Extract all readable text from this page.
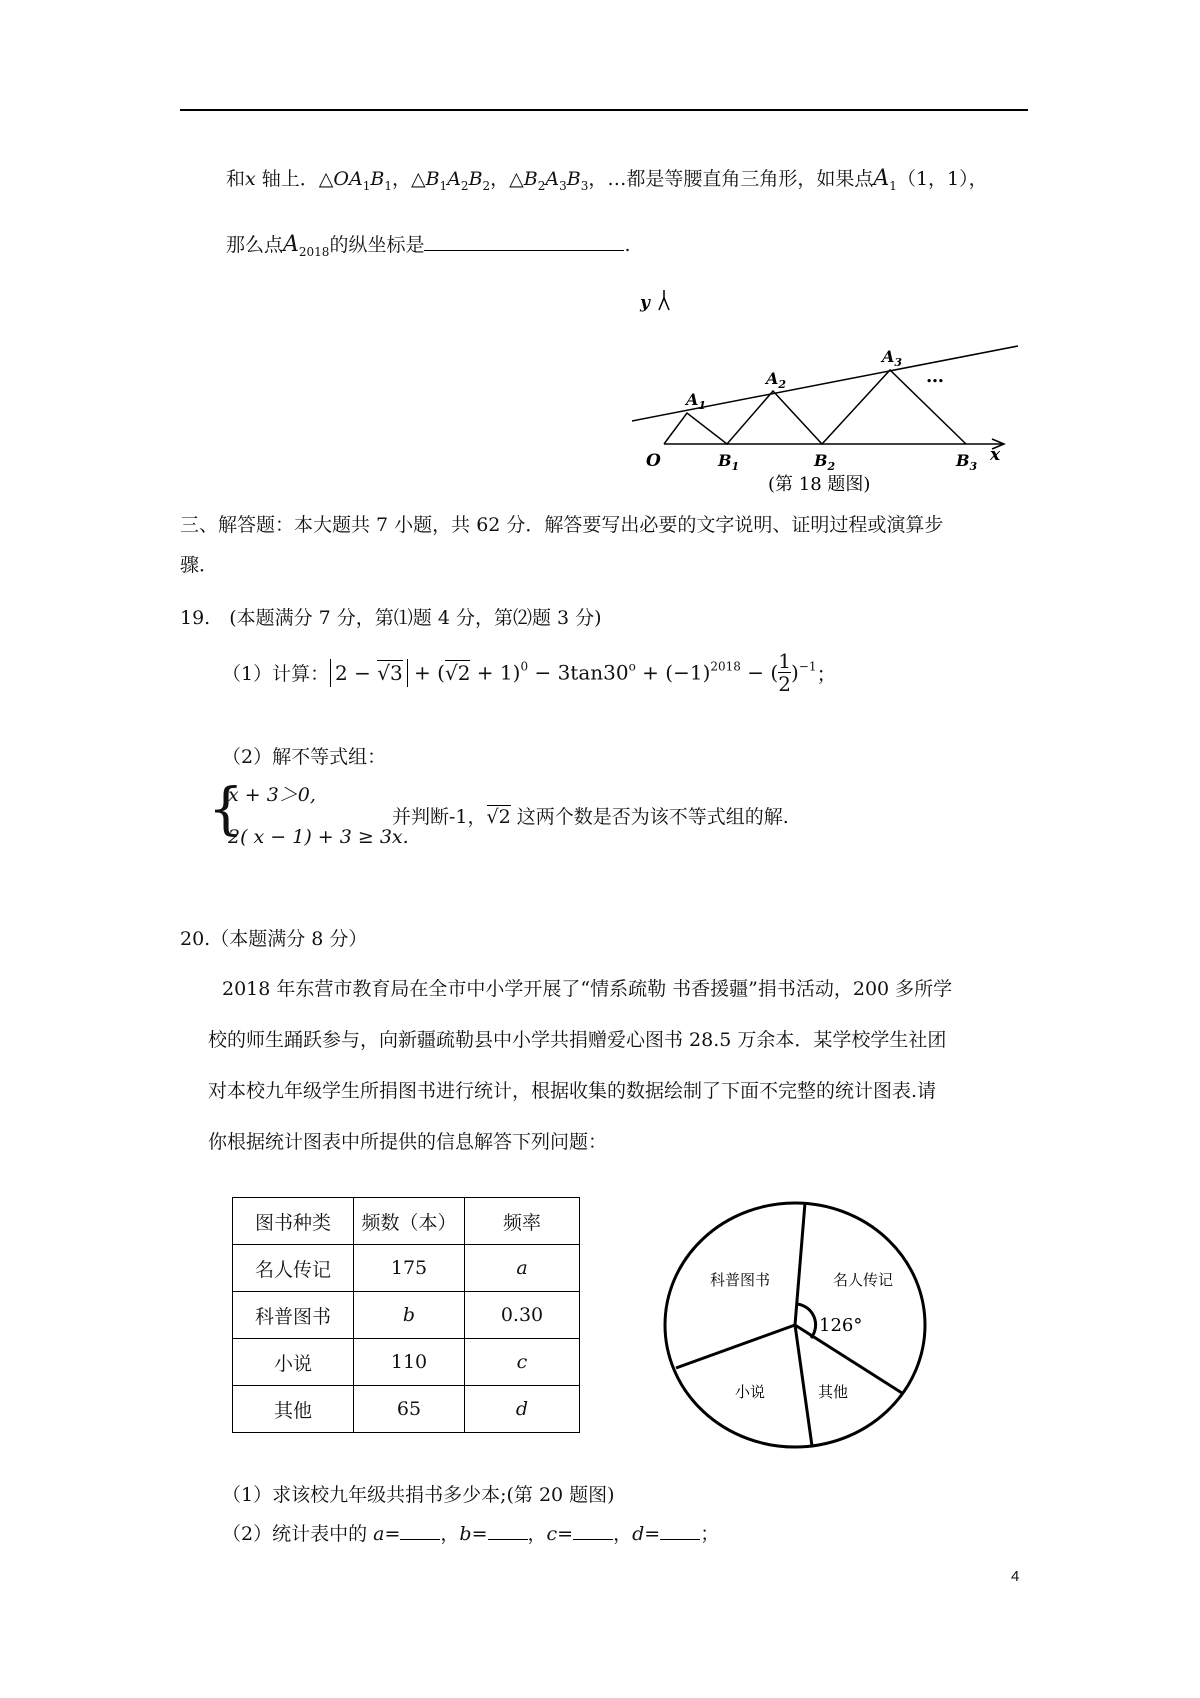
和x 轴上．$\triangle OA_1B_1$，$\triangle B_1A_2B_2$，$\triangle B_2A_3B_3$，…都是等腰直角三角形，如果点$A_1(1$，1），
那么点$A_{2018}$的纵坐标是	.
y
x
O
$A_1$
$A_2$
$A_3$
$B_1$	$B_2$	$B_3$
…
(第 18 题图)
三、解答题：本大题共 7 小题，共 62 分．解答要写出必要的文字说明、证明过程或演算步
骤．
19.　(本题满分 7 分，第⑴题 4 分，第⑵题 3 分)
（1）计算： $2 - √3 + (√2 + 1)^0 - 3\tan 30^o + (-1)^{2018}$ − ( $\frac{1}{2} )^{-1}$；
（2）解不等式组：
{
x + 3＞0,
2( x − 1) + 3 ≥ 3x.
并判断-1，√2 这两个数是否为该不等式组的解.
20.（本题满分 8 分）
2018 年东营市教育局在全市中小学开展了“情系疏勒 书香援疆”捐书活动，200 多所学
校的师生踊跃参与，向新疆疏勒县中小学共捐赠爱心图书 28.5 万余本．某学校学生社团
对本校九年级学生所捐图书进行统计，根据收集的数据绘制了下面不完整的统计图表.请
你根据统计图表中所提供的信息解答下列问题：
图书种类	频数（本）	频率
名人传记	175	a
科普图书	b	0.30
小说	110	c
其他	65	d
科普图书	名人传记
小说	其他
126°
（1）求该校九年级共捐书多少本;(第 20 题图)
（2）统计表中的 a= ，b= ，c= ，d= ；
4
